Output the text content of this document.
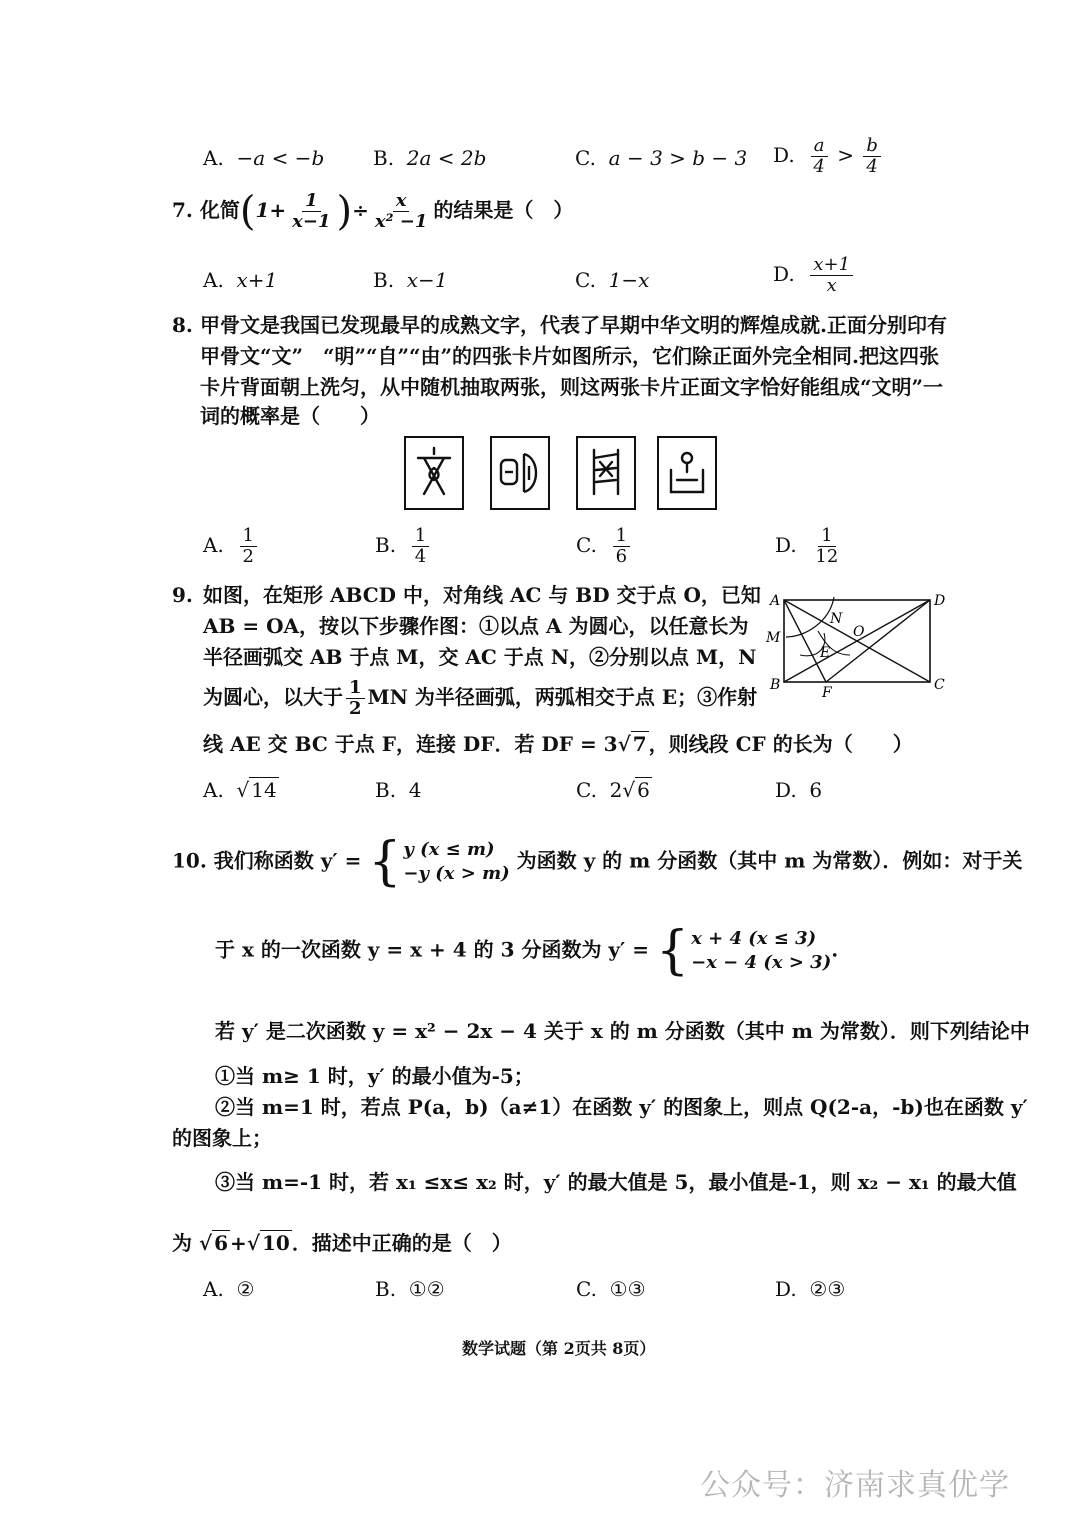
A. −a < −b B. 2a < 2b	C. a − 3 > b − 3 D. $\frac{a}{4} > \frac{b}{4}$
7. 化简($1+ \frac{1}{x-1}$ )÷ $\frac{x}{\text{x² −1}}$ 的结果是（　）
A. x+1	B. x−1	C. 1−x	D. $\frac{x+1}{x}$
8. 甲骨文是我国已发现最早的成熟文字，代表了早期中华文明的辉煌成就.正面分别印有
甲骨文“文”　“明”“自”“由”的四张卡片如图所示，它们除正面外完全相同.把这四张
卡片背面朝上洗匀，从中随机抽取两张，则这两张卡片正面文字恰好能组成“文明”一
词的概率是（　　）
A. $\frac{1}{2}$	B. $\frac{1}{4}$	C. $\frac{1}{6}$	D. $\frac{1}{12}$
9. 如图，在矩形 ABCD 中，对角线 AC 与 BD 交于点 O，已知
AB = OA，按以下步骤作图：①以点 A 为圆心，以任意长为
半径画弧交 AB 于点 M，交 AC 于点 N，②分别以点 M，N
为圆心，以大于 $\frac{1}{2}$ MN 为半径画弧，两弧相交于点 E；③作射
线 AE 交 BC 于点 F，连接 DF．若 DF = 3√ 7 ，则线段 CF 的长为（　　）
A	D
M
N
O
E
B	F	C
A. √ 14	B. 4	C. 2√ 6	D. 6
10. 我们称函数 y′ = { y (x ≤ m)
−y (x > m)
为函数 y 的 m 分函数（其中 m 为常数）．例如：对于关
于 x 的一次函数 y = x + 4 的 3 分函数为 y′ = { x + 4 (x ≤ 3)
−x − 4 (x > 3)
.
若 y′ 是二次函数 y = x² − 2x − 4 关于 x 的 m 分函数（其中 m 为常数）．则下列结论中
①当 m≥ 1 时，y′ 的最小值为-5；
②当 m=1 时，若点 P(a，b)（a≠1）在函数 y′ 的图象上，则点 Q(2-a，-b)也在函数 y′
的图象上；
③当 m=-1 时，若 x₁ ≤x≤ x₂ 时，y′ 的最大值是 5，最小值是-1，则 x₂ − x₁ 的最大值
为 √ 6 +√ 10 ．描述中正确的是（　）
A. ②	B. ①②	C. ①③	D. ②③
数学试题（第 2页共 8页）
公众号：济南求真优学
